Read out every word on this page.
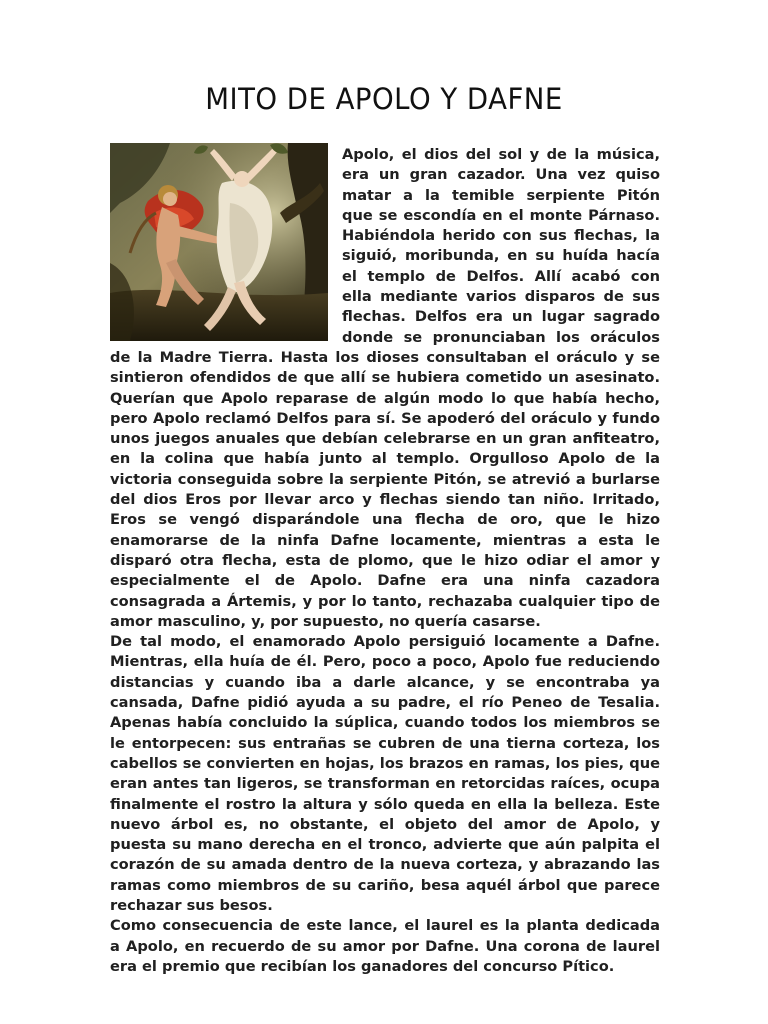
MITO DE APOLO Y DAFNE

Apolo, el dios del sol y de la música, era un gran cazador. Una vez quiso matar a la temible serpiente Pitón que se escondía en el monte Párnaso. Habiéndola herido con sus flechas, la siguió, moribunda, en su huída hacía el templo de Delfos. Allí acabó con ella mediante varios disparos de sus flechas. Delfos era un lugar sagrado donde se pronunciaban los oráculos de la Madre Tierra. Hasta los dioses consultaban el oráculo y se sintieron ofendidos de que allí se hubiera cometido un asesinato. Querían que Apolo reparase de algún modo lo que había hecho, pero Apolo reclamó Delfos para sí. Se apoderó del oráculo y fundo unos juegos anuales que debían celebrarse en un gran anfiteatro, en la colina que había junto al templo. Orgulloso Apolo de la victoria conseguida sobre la serpiente Pitón, se atrevió a burlarse del dios Eros por llevar arco y flechas siendo tan niño. Irritado, Eros se vengó disparándole una flecha de oro, que le hizo enamorarse de la ninfa Dafne locamente, mientras a esta le disparó otra flecha, esta de plomo, que le hizo odiar el amor y especialmente el de Apolo. Dafne era una ninfa cazadora consagrada a Ártemis, y por lo tanto, rechazaba cualquier tipo de amor masculino, y, por supuesto, no quería casarse.

De tal modo, el enamorado Apolo persiguió locamente a Dafne. Mientras, ella huía de él. Pero, poco a poco, Apolo fue reduciendo distancias y cuando iba a darle alcance, y se encontraba ya cansada, Dafne pidió ayuda a su padre, el río Peneo de Tesalia. Apenas había concluido la súplica, cuando todos los miembros se le entorpecen: sus entrañas se cubren de una tierna corteza, los cabellos se convierten en hojas, los brazos en ramas, los pies, que eran antes tan ligeros, se transforman en retorcidas raíces, ocupa finalmente el rostro la altura y sólo queda en ella la belleza. Este nuevo árbol es, no obstante, el objeto del amor de Apolo, y puesta su mano derecha en el tronco, advierte que aún palpita el corazón de su amada dentro de la nueva corteza, y abrazando las ramas como miembros de su cariño, besa aquél árbol que parece rechazar sus besos.

Como consecuencia de este lance, el laurel es la planta dedicada a Apolo, en recuerdo de su amor por Dafne. Una corona de laurel era el premio que recibían los ganadores del concurso Pítico.
